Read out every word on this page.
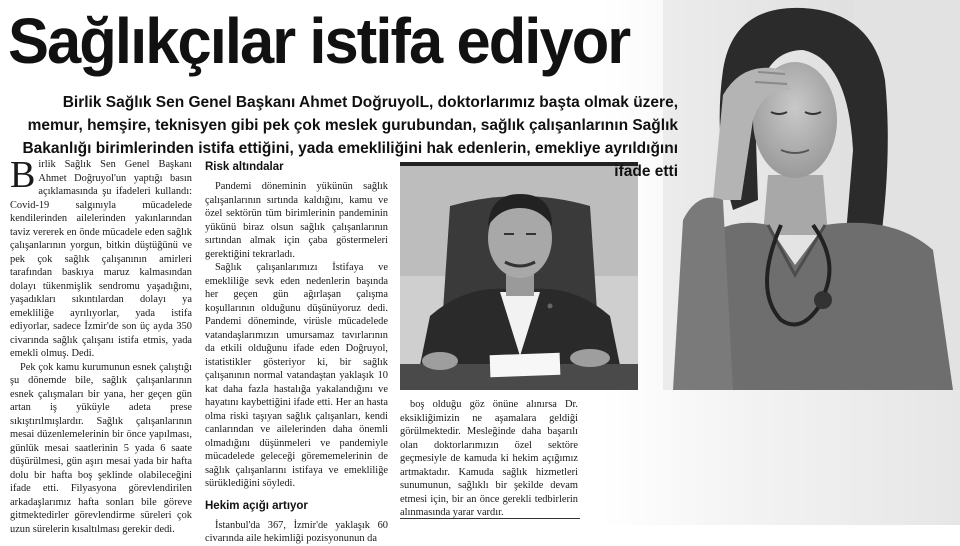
Sağlıkçılar istifa ediyor

Birlik Sağlık Sen Genel Başkanı Ahmet DoğruyolL, doktorlarımız başta olmak üzere, memur, hemşire, teknisyen gibi pek çok meslek gurubundan, sağlık çalışanlarının Sağlık Bakanlığı birimlerinden istifa ettiğini, yada emekliliğini hak edenlerin, emekliye ayrıldığını ifade etti

Birlik Sağlık Sen Genel Başkanı Ahmet Doğruyol'un yaptığı basın açıklamasında şu ifadeleri kullandı: Covid-19 salgınıyla mücadelede kendilerinden ailelerinden yakınlarından taviz vererek en önde mücadele eden sağlık çalışanlarının yorgun, bitkin düştüğünü ve pek çok sağlık çalışanının amirleri tarafından baskıya maruz kalmasından dolayı tükenmişlik sendromu yaşadığını, yaşadıkları sıkıntılardan dolayı ya emekliliğe ayrılıyorlar, yada istifa ediyorlar, sadece İzmir'de son üç ayda 350 civarında sağlık çalışanı istifa etmis, yada emekli olmuş. Dedi.

Pek çok kamu kurumunun esnek çalıştığı şu dönemde bile, sağlık çalışanlarının esnek çalışmaları bir yana, her geçen gün artan iş yüküyle adeta prese sıkıştırılmışlardır. Sağlık çalışanlarının mesai düzenlemelerinin bir önce yapılması, günlük mesai saatlerinin 5 yada 6 saate düşürülmesi, gün aşırı mesai yada bir hafta dolu bir hafta boş şeklinde olabileceğini ifade etti. Filyasyona görevlendirilen arkadaşlarımız hafta sonları bile göreve gitmektedirler görevlendirme süreleri çok uzun sürelerin kısaltılması gerekir dedi.

Risk altındalar

Pandemi döneminin yükünün sağlık çalışanlarının sırtında kaldığını, kamu ve özel sektörün tüm birimlerinin pandeminin yükünü biraz olsun sağlık çalışanlarının sırtından almak için çaba göstermeleri gerektiğini tekrarladı.

Sağlık çalışanlarımızı İstifaya ve emekliliğe sevk eden nedenlerin başında her geçen gün ağırlaşan çalışma koşullarının olduğunu düşünüyoruz dedi. Pandemi döneminde, virüsle mücadelede vatandaşlarımızın umursamaz tavırlarının da etkili olduğunu ifade eden Doğruyol, istatistikler gösteriyor ki, bir sağlık çalışanının normal vatandaştan yaklaşık 10 kat daha fazla hastalığa yakalandığını ve hayatını kaybettiğini ifade etti. Her an hasta olma riski taşıyan sağlık çalışanları, kendi canlarından ve ailelerinden daha önemli olmadığını düşünmeleri ve pandemiyle mücadelede geleceği görememelerinin de sağlık çalışanlarını istifaya ve emekliliğe sürüklediğini söyledi.

Hekim açığı artıyor

İstanbul'da 367, İzmir'de yaklaşık 60 civarında aile hekimliği pozisyonunun da

boş olduğu göz önüne alınırsa Dr. eksikliğimizin ne aşamalara geldiği görülmektedir. Mesleğinde daha başarılı olan doktorlarımızın özel sektöre geçmesiyle de kamuda ki hekim açığımız artmaktadır. Kamuda sağlık hizmetleri sunumunun, sağlıklı bir şekilde devam etmesi için, bir an önce gerekli tedbirlerin alınmasında yarar vardır.
